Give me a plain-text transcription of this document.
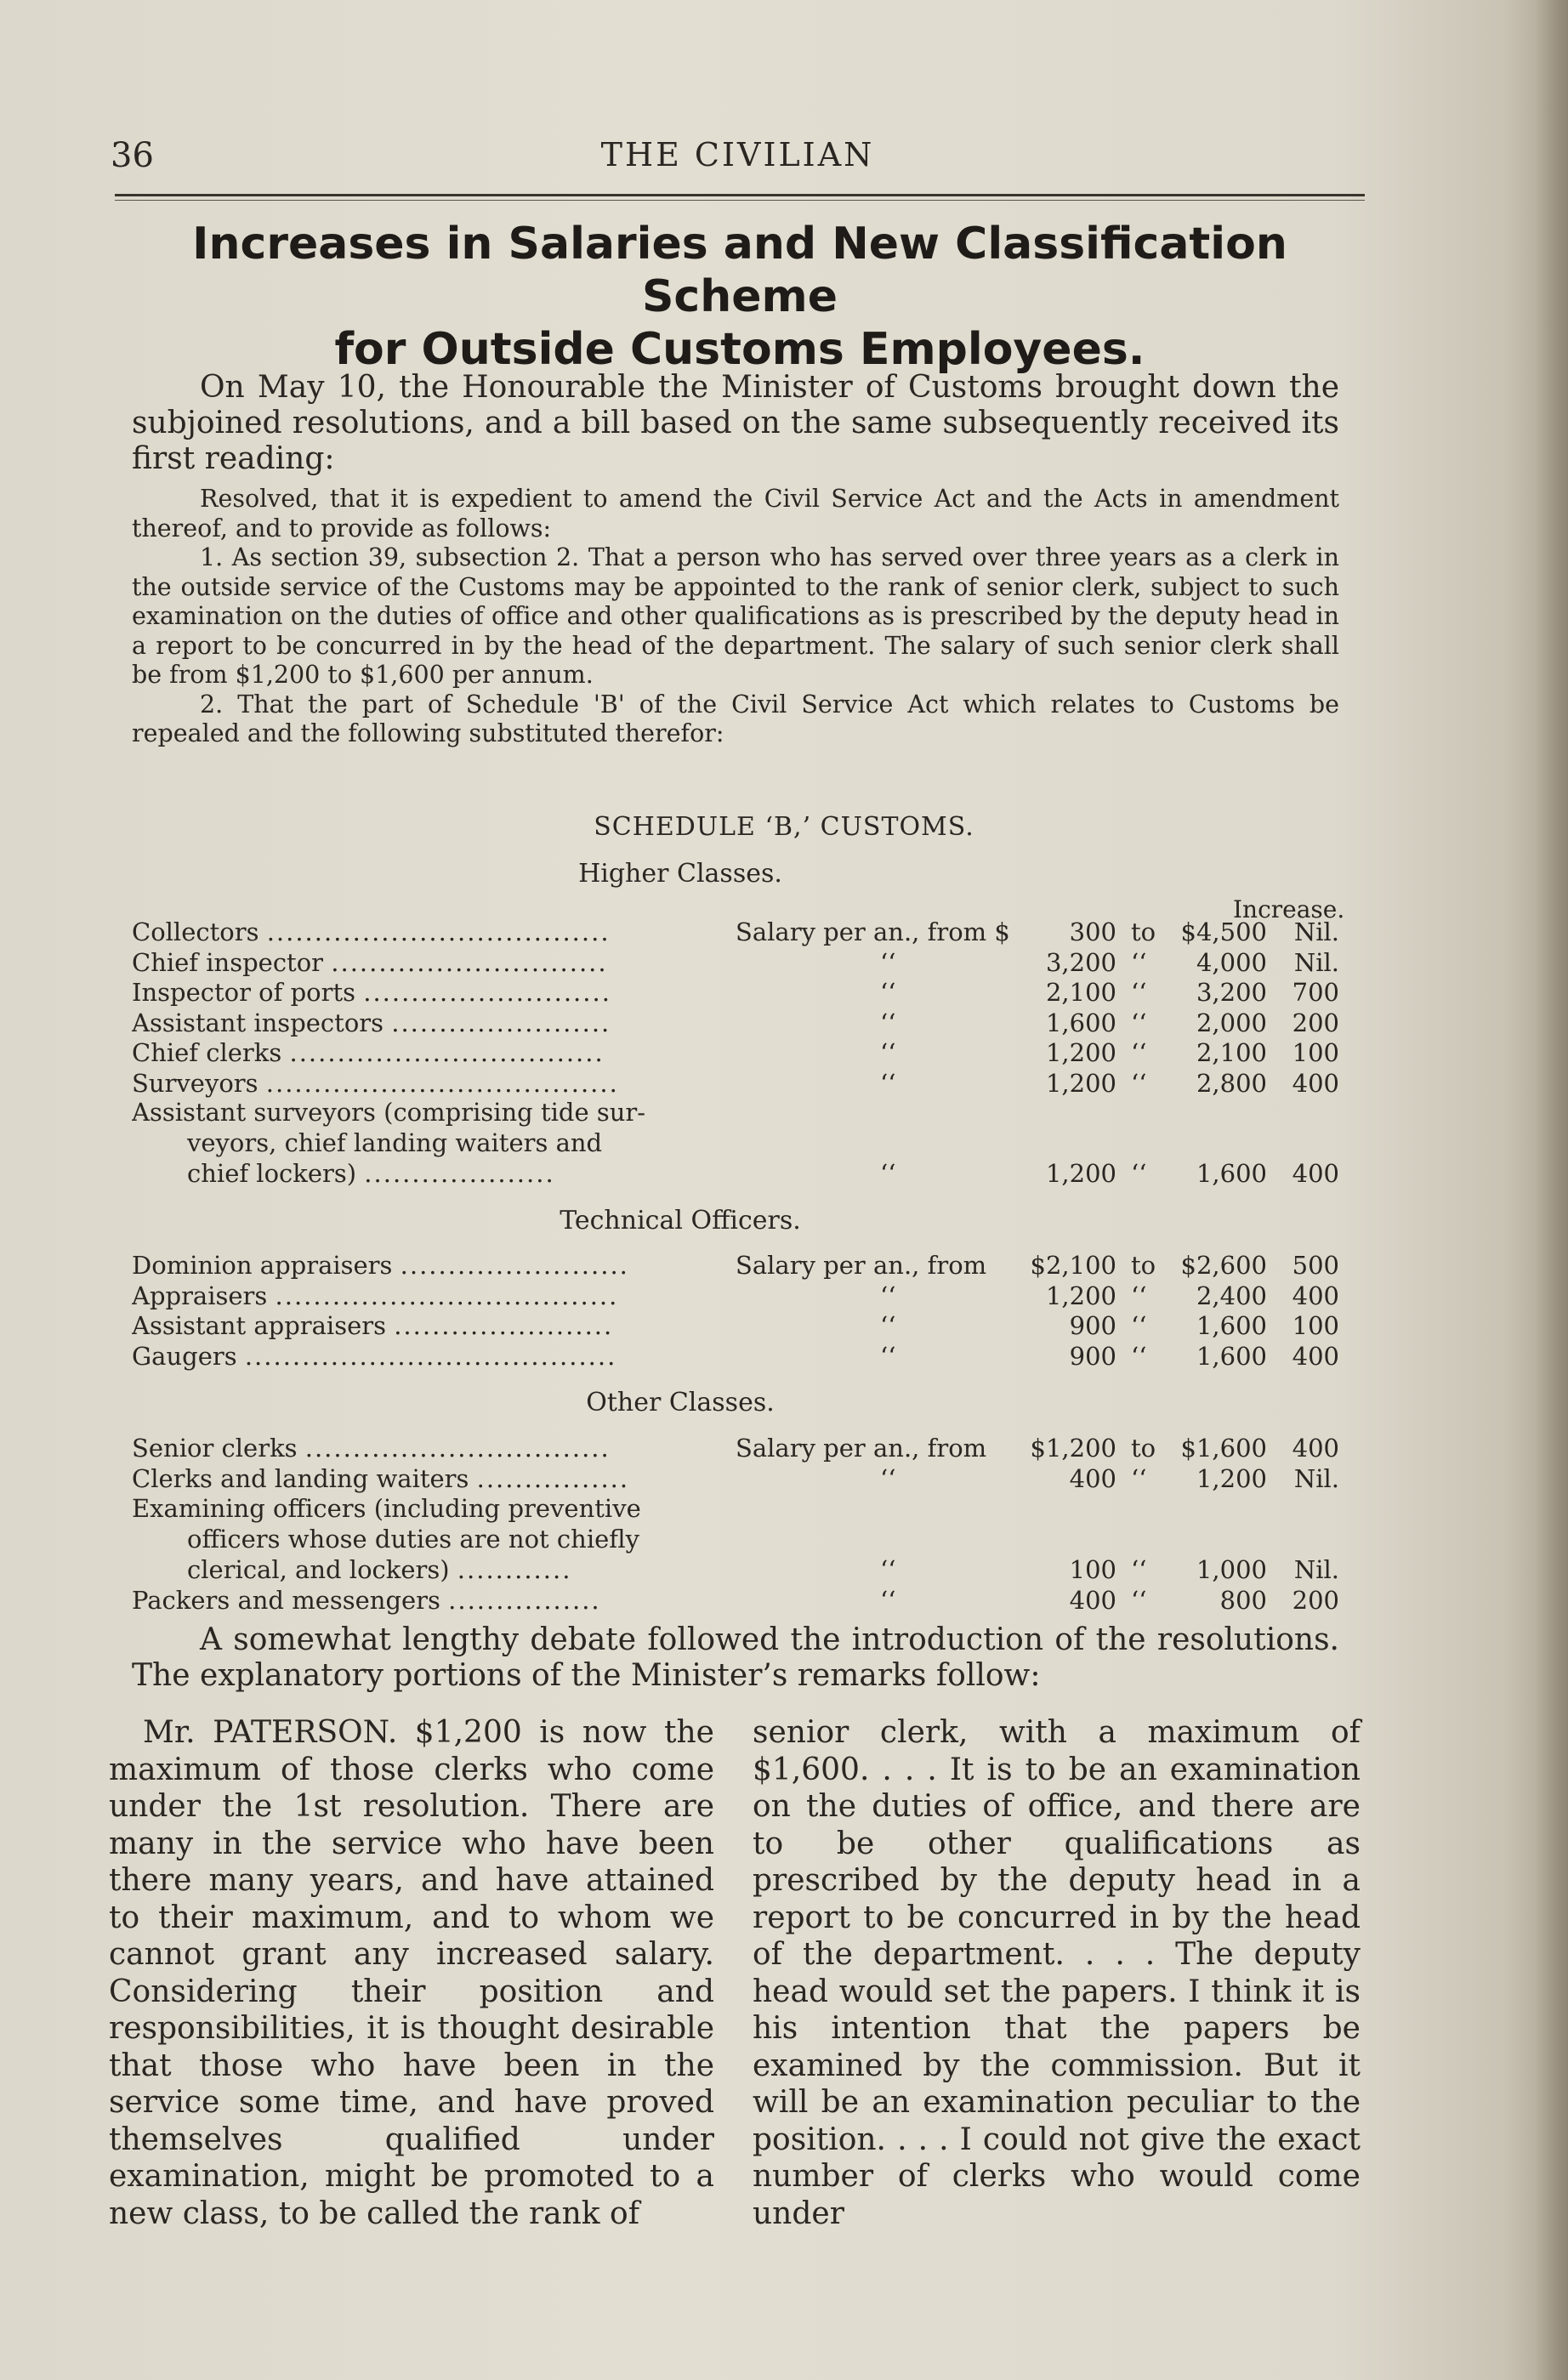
36	THE CIVILIAN
Increases in Salaries and New Classification Scheme
for Outside Customs Employees.
On May 10, the Honourable the Minister of Customs brought down the subjoined resolutions, and a bill based on the same subsequently received its first reading:

Resolved, that it is expedient to amend the Civil Service Act and the Acts in amendment thereof, and to provide as follows:

1. As section 39, subsection 2. That a person who has served over three years as a clerk in the outside service of the Customs may be appointed to the rank of senior clerk, subject to such examination on the duties of office and other qualifications as is prescribed by the deputy head in a report to be concurred in by the head of the department. The salary of such senior clerk shall be from $1,200 to $1,600 per annum.

2. That the part of Schedule 'B' of the Civil Service Act which relates to Customs be repealed and the following substituted therefor:

SCHEDULE ‘B,’ CUSTOMS.
Higher Classes.
Increase.
Collectors ....................................	Salary per an., from $ 300 to $4,500 Nil.
Chief inspector .............................	‘‘	3,200 ‘‘ 4,000 Nil.
Inspector of ports ..........................	‘‘	2,100 ‘‘ 3,200 700
Assistant inspectors .......................	‘‘	1,600 ‘‘ 2,000 200
Chief clerks .................................	‘‘	1,200 ‘‘ 2,100 100
Surveyors .....................................	‘‘	1,200 ‘‘ 2,800 400
Assistant surveyors (comprising tide sur-
veyors, chief landing waiters and
chief lockers) ....................	‘‘	1,200 ‘‘ 1,600 400
Technical Officers.
Dominion appraisers ........................	Salary per an., from $2,100 to $2,600 500
Appraisers ....................................	‘‘	1,200 ‘‘ 2,400 400
Assistant appraisers .......................	‘‘	900 ‘‘ 1,600 100
Gaugers .......................................	‘‘	900 ‘‘ 1,600 400
Other Classes.
Senior clerks ................................	Salary per an., from $1,200 to $1,600 400
Clerks and landing waiters ................	‘‘	400 ‘‘ 1,200 Nil.
Examining officers (including preventive
officers whose duties are not chiefly
clerical, and lockers) ............	‘‘	100 ‘‘ 1,000 Nil.
Packers and messengers ................	‘‘	400 ‘‘	800 200
A somewhat lengthy debate followed the introduction of the resolutions. The explanatory portions of the Minister’s remarks follow:

Mr. PATERSON. $1,200 is now the maximum of those clerks who come under the 1st resolution. There are many in the service who have been there many years, and have attained to their maximum, and to whom we cannot grant any increased salary. Considering their position and responsibilities, it is thought desirable that those who have been in the service some time, and have proved themselves qualified under examination, might be promoted to a new class, to be called the rank of

senior clerk, with a maximum of $1,600. . . . It is to be an examination on the duties of office, and there are to be other qualifications as prescribed by the deputy head in a report to be concurred in by the head of the department. . . . The deputy head would set the papers. I think it is his intention that the papers be examined by the commission. But it will be an examination peculiar to the position. . . . I could not give the exact number of clerks who would come under
